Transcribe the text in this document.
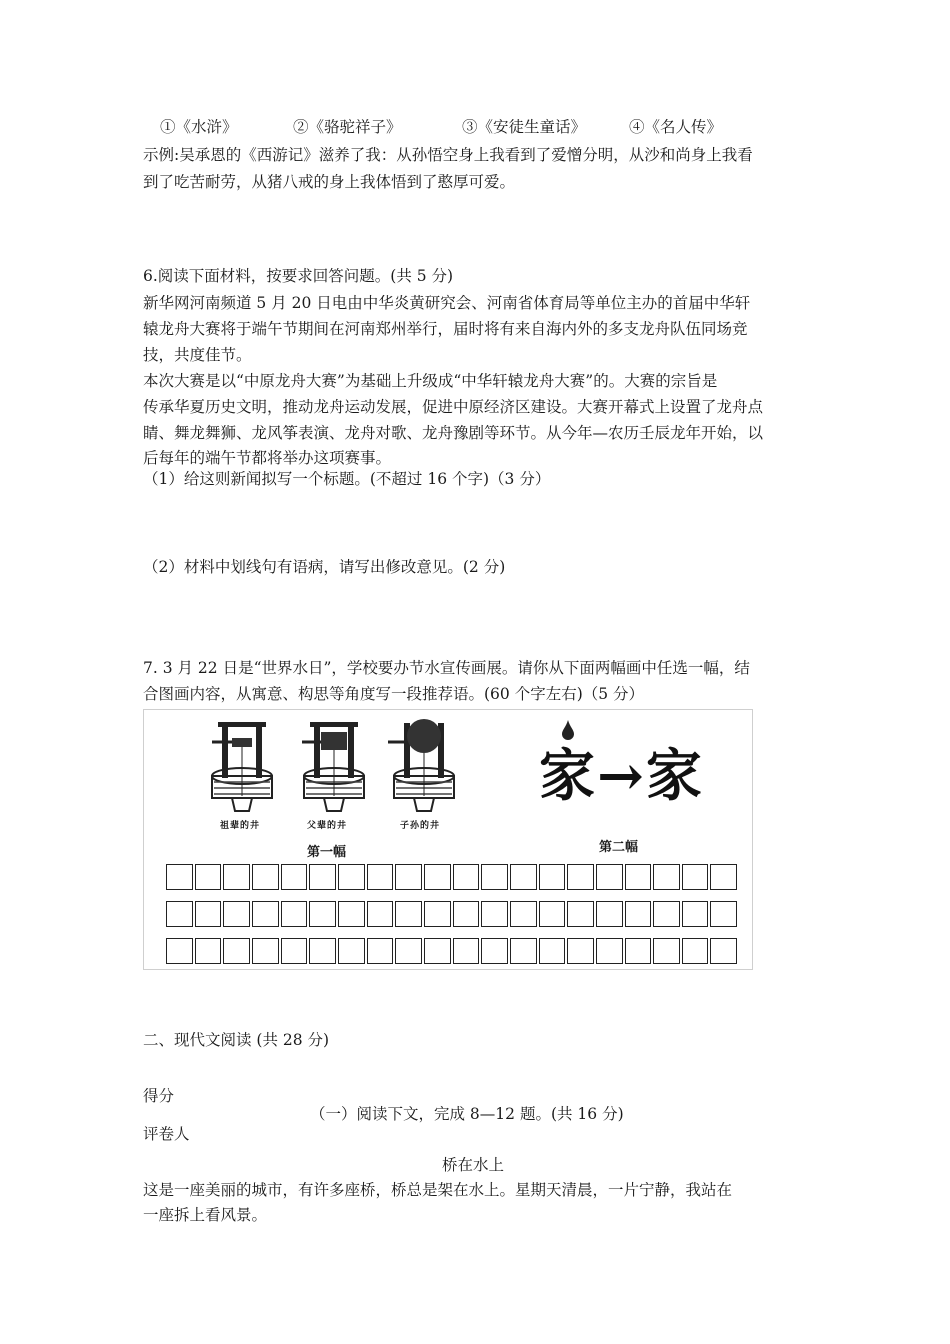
①《水浒》	②《骆驼祥子》	③《安徒生童话》	④《名人传》
示例:吴承恩的《西游记》滋养了我：从孙悟空身上我看到了爱憎分明，从沙和尚身上我看
到了吃苦耐劳，从猪八戒的身上我体悟到了憨厚可爱。
6.阅读下面材料，按要求回答问题。(共 5 分)
新华网河南频道 5 月 20 日电由中华炎黄研究会、河南省体育局等单位主办的首届中华轩
辕龙舟大赛将于端午节期间在河南郑州举行，届时将有来自海内外的多支龙舟队伍同场竞
技，共度佳节。
本次大赛是以“中原龙舟大赛”为基础上升级成“中华轩辕龙舟大赛”的。大赛的宗旨是
传承华夏历史文明，推动龙舟运动发展，促进中原经济区建设。大赛开幕式上设置了龙舟点
睛、舞龙舞狮、龙风筝表演、龙舟对歌、龙舟豫剧等环节。从今年—农历壬辰龙年开始，以
后每年的端午节都将举办这项赛事。
（1）给这则新闻拟写一个标题。(不超过 16 个字)（3 分）
（2）材料中划线句有语病，请写出修改意见。(2 分)
7. 3 月 22 日是“世界水日”，学校要办节水宣传画展。请你从下面两幅画中任选一幅，结
合图画内容，从寓意、构思等角度写一段推荐语。(60 个字左右)（5 分）
祖辈的井	父辈的井	子孙的井
家→家
第一幅	第二幅
二、现代文阅读 (共 28 分)
得分
（一）阅读下文，完成 8—12 题。(共 16 分)
评卷人
桥在水上
这是一座美丽的城市，有许多座桥，桥总是架在水上。星期天清晨，一片宁静，我站在
一座拆上看风景。
